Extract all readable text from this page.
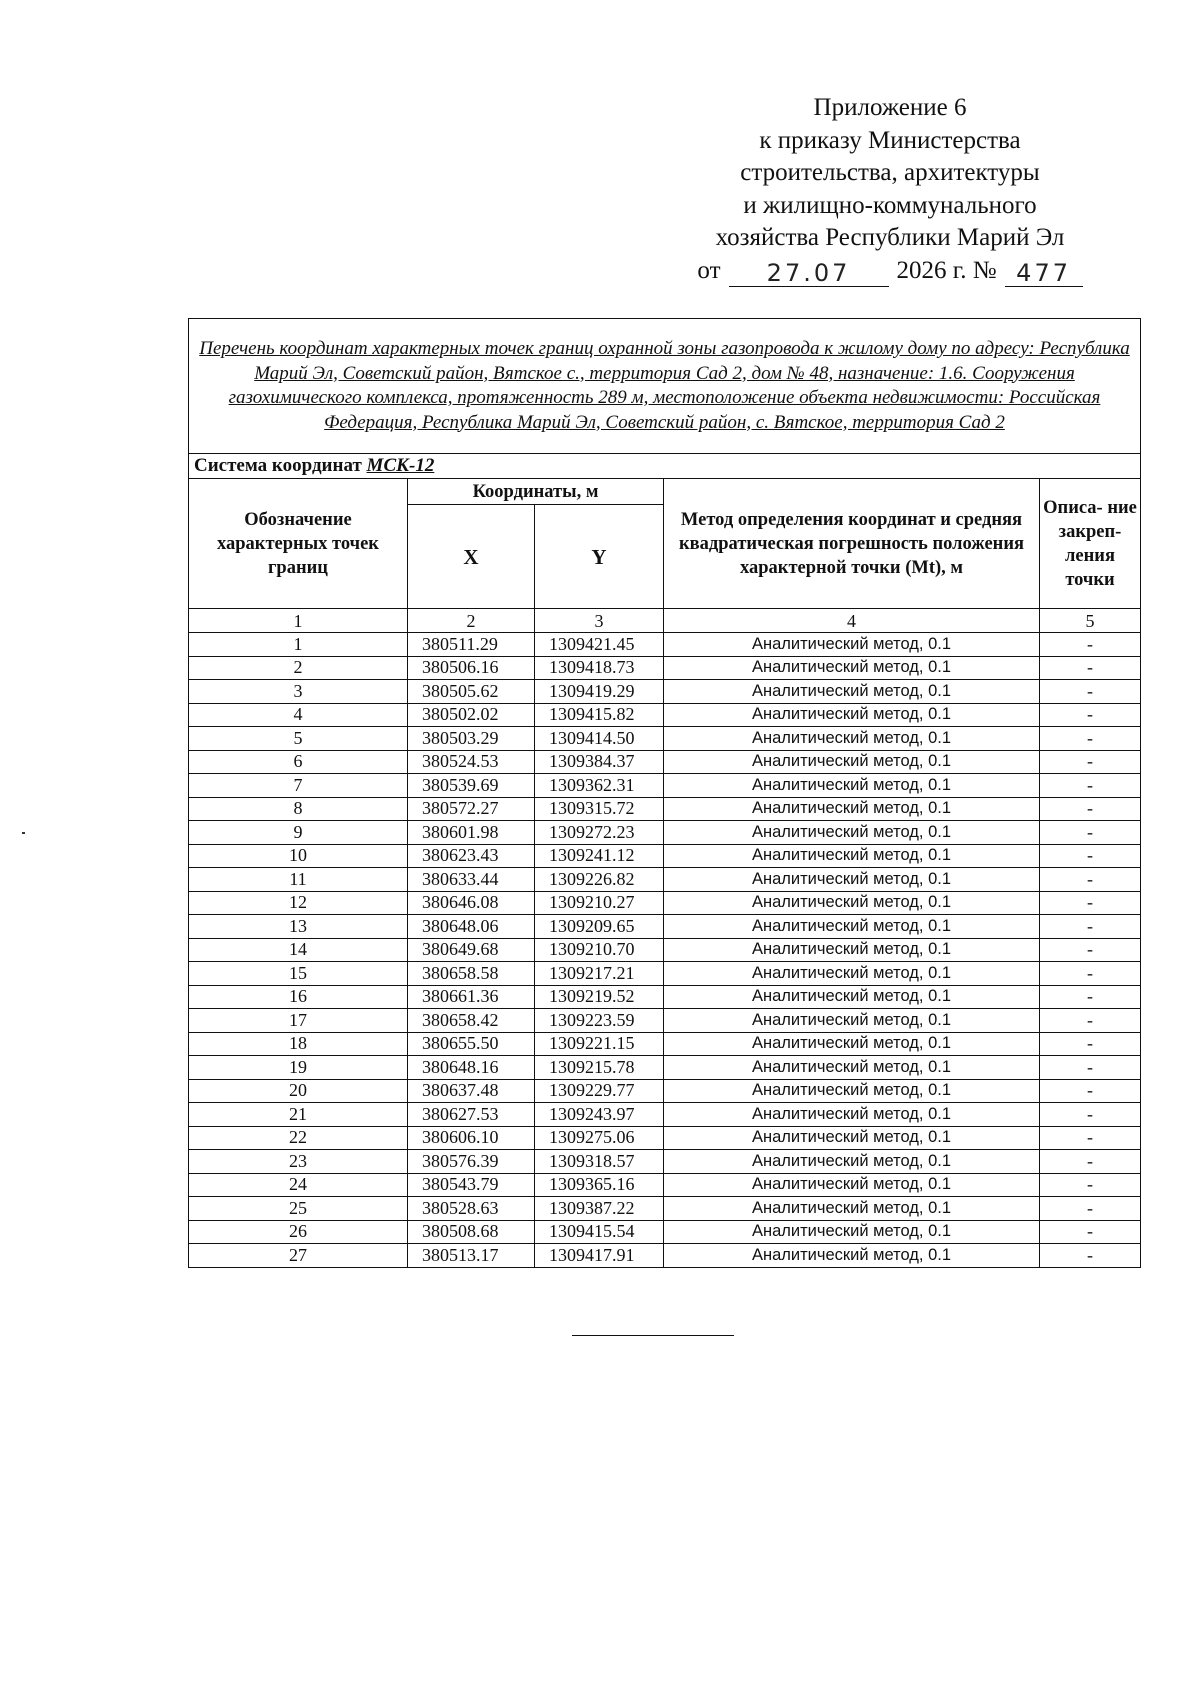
Приложение 6
к приказу Министерства
строительства, архитектуры
и жилищно-коммунального
хозяйства Республики Марий Эл
от	27.07	2026 г. № 477
Перечень координат характерных точек границ охранной зоны газопровода к жилому дому по адресу: Республика Марий Эл, Советский район, Вятское с., территория Сад 2, дом № 48, назначение: 1.6. Сооружения газохимического комплекса, протяженность 289 м, местоположение объекта недвижимости: Российская Федерация, Республика Марий Эл, Советский район, с. Вятское, территория Сад 2				
Система координат МСК-12				
Обозначение характерных точек границ	Координаты, м		Метод определения координат и средняя квадратическая погрешность положения характерной точки (Mt), м	Описа- ние закреп- ления точки
	X	Y		
1	2	3	4	5
1	380511.29	1309421.45	Аналитический метод, 0.1	-
2	380506.16	1309418.73	Аналитический метод, 0.1	-
3	380505.62	1309419.29	Аналитический метод, 0.1	-
4	380502.02	1309415.82	Аналитический метод, 0.1	-
5	380503.29	1309414.50	Аналитический метод, 0.1	-
6	380524.53	1309384.37	Аналитический метод, 0.1	-
7	380539.69	1309362.31	Аналитический метод, 0.1	-
8	380572.27	1309315.72	Аналитический метод, 0.1	-
9	380601.98	1309272.23	Аналитический метод, 0.1	-
10	380623.43	1309241.12	Аналитический метод, 0.1	-
11	380633.44	1309226.82	Аналитический метод, 0.1	-
12	380646.08	1309210.27	Аналитический метод, 0.1	-
13	380648.06	1309209.65	Аналитический метод, 0.1	-
14	380649.68	1309210.70	Аналитический метод, 0.1	-
15	380658.58	1309217.21	Аналитический метод, 0.1	-
16	380661.36	1309219.52	Аналитический метод, 0.1	-
17	380658.42	1309223.59	Аналитический метод, 0.1	-
18	380655.50	1309221.15	Аналитический метод, 0.1	-
19	380648.16	1309215.78	Аналитический метод, 0.1	-
20	380637.48	1309229.77	Аналитический метод, 0.1	-
21	380627.53	1309243.97	Аналитический метод, 0.1	-
22	380606.10	1309275.06	Аналитический метод, 0.1	-
23	380576.39	1309318.57	Аналитический метод, 0.1	-
24	380543.79	1309365.16	Аналитический метод, 0.1	-
25	380528.63	1309387.22	Аналитический метод, 0.1	-
26	380508.68	1309415.54	Аналитический метод, 0.1	-
27	380513.17	1309417.91	Аналитический метод, 0.1	-
